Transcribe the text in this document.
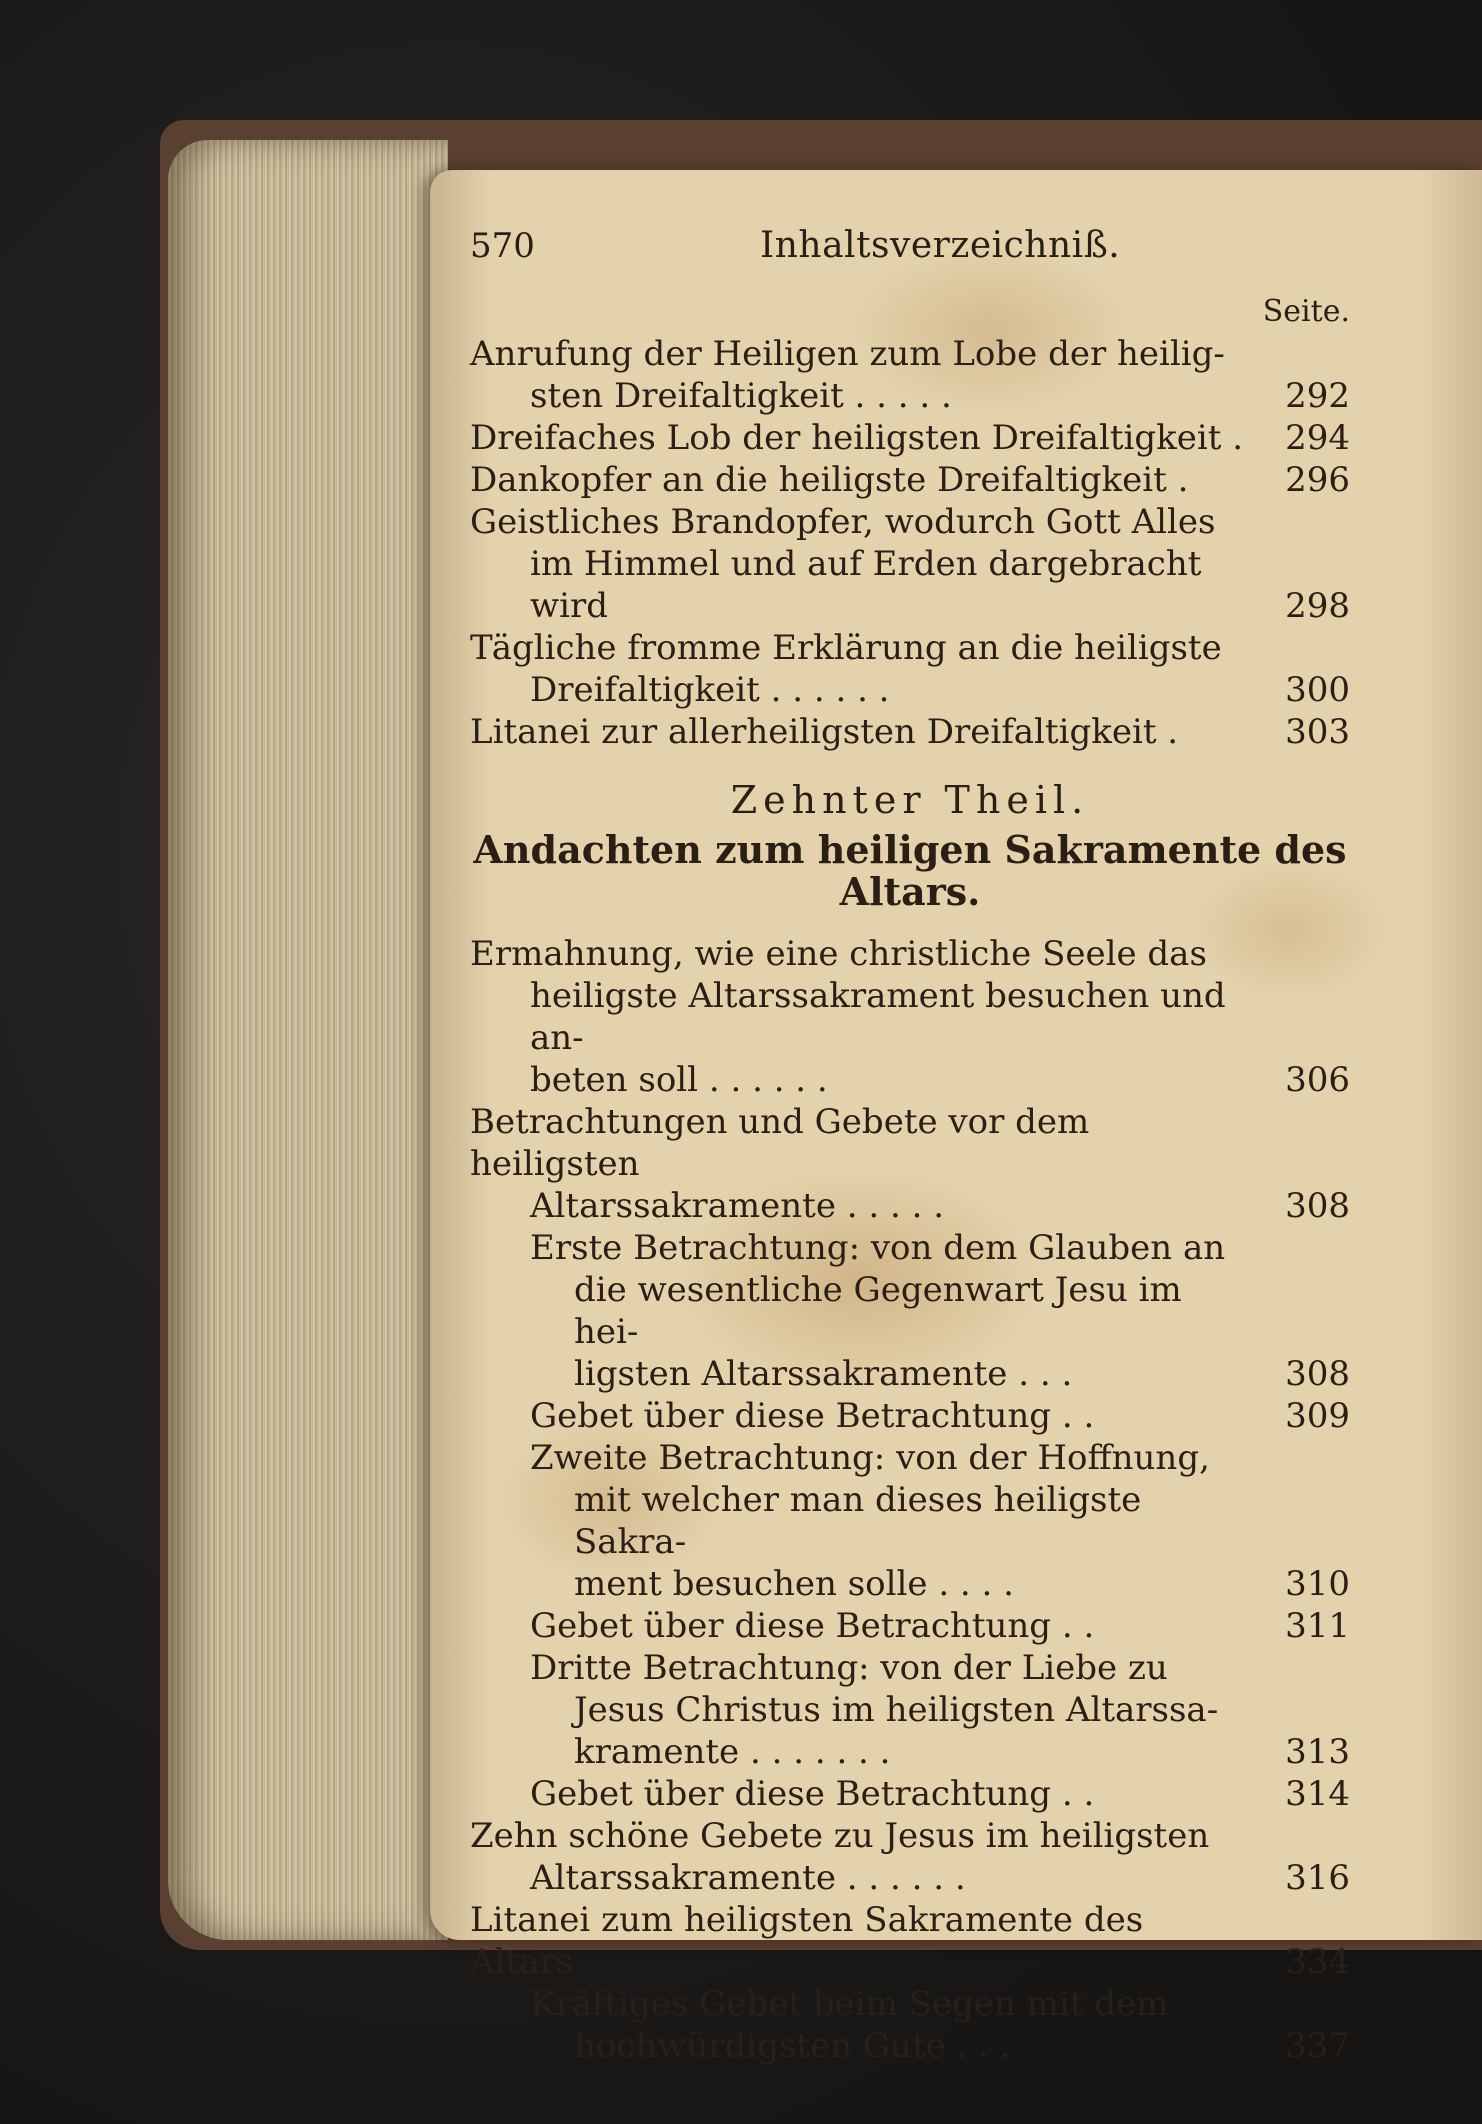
570	Inhaltsverzeichniß.
Seite.
Anrufung der Heiligen zum Lobe der heilig-
sten Dreifaltigkeit . . . . .	292
Dreifaches Lob der heiligsten Dreifaltigkeit .	294
Dankopfer an die heiligste Dreifaltigkeit .	296
Geistliches Brandopfer, wodurch Gott Alles
im Himmel und auf Erden dargebracht wird	298
Tägliche fromme Erklärung an die heiligste
Dreifaltigkeit . . . . . .	300
Litanei zur allerheiligsten Dreifaltigkeit .	303
Zehnter Theil.
Andachten zum heiligen Sakramente des Altars.
Ermahnung, wie eine christliche Seele das
heiligste Altarssakrament besuchen und an-
beten soll . . . . . .	306
Betrachtungen und Gebete vor dem heiligsten
Altarssakramente . . . . .	308
Erste Betrachtung: von dem Glauben an
die wesentliche Gegenwart Jesu im hei-
ligsten Altarssakramente . . .	308
Gebet über diese Betrachtung . .	309
Zweite Betrachtung: von der Hoffnung,
mit welcher man dieses heiligste Sakra-
ment besuchen solle . . . .	310
Gebet über diese Betrachtung . .	311
Dritte Betrachtung: von der Liebe zu
Jesus Christus im heiligsten Altarssa-
kramente . . . . . . .	313
Gebet über diese Betrachtung . .	314
Zehn schöne Gebete zu Jesus im heiligsten
Altarssakramente . . . . . .	316
Litanei zum heiligsten Sakramente des Altars	334
Kräftiges Gebet beim Segen mit dem
hochwürdigsten Gute . . .	337
